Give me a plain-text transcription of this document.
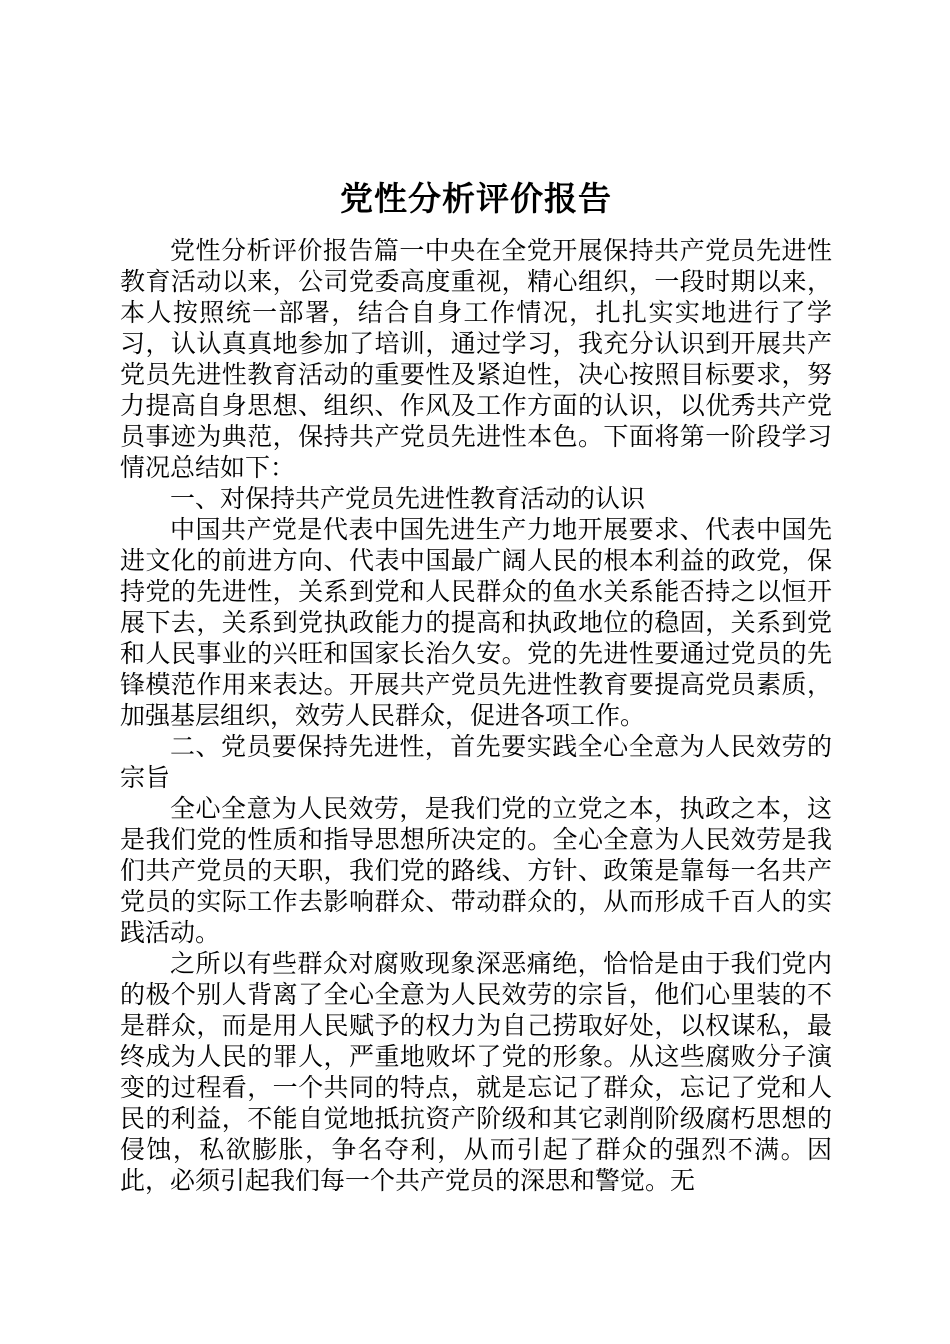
党性分析评价报告

党性分析评价报告篇一中央在全党开展保持共产党员先进性教育活动以来，公司党委高度重视，精心组织，一段时期以来，本人按照统一部署，结合自身工作情况，扎扎实实地进行了学习，认认真真地参加了培训，通过学习，我充分认识到开展共产党员先进性教育活动的重要性及紧迫性，决心按照目标要求，努力提高自身思想、组织、作风及工作方面的认识，以优秀共产党员事迹为典范，保持共产党员先进性本色。下面将第一阶段学习情况总结如下：

一、对保持共产党员先进性教育活动的认识

中国共产党是代表中国先进生产力地开展要求、代表中国先进文化的前进方向、代表中国最广阔人民的根本利益的政党，保持党的先进性，关系到党和人民群众的鱼水关系能否持之以恒开展下去，关系到党执政能力的提高和执政地位的稳固，关系到党和人民事业的兴旺和国家长治久安。党的先进性要通过党员的先锋模范作用来表达。开展共产党员先进性教育要提高党员素质，加强基层组织，效劳人民群众，促进各项工作。

二、党员要保持先进性，首先要实践全心全意为人民效劳的宗旨

全心全意为人民效劳，是我们党的立党之本，执政之本，这是我们党的性质和指导思想所决定的。全心全意为人民效劳是我们共产党员的天职，我们党的路线、方针、政策是靠每一名共产党员的实际工作去影响群众、带动群众的，从而形成千百人的实践活动。

之所以有些群众对腐败现象深恶痛绝，恰恰是由于我们党内的极个别人背离了全心全意为人民效劳的宗旨，他们心里装的不是群众，而是用人民赋予的权力为自己捞取好处，以权谋私，最终成为人民的罪人，严重地败坏了党的形象。从这些腐败分子演变的过程看，一个共同的特点，就是忘记了群众，忘记了党和人民的利益，不能自觉地抵抗资产阶级和其它剥削阶级腐朽思想的侵蚀，私欲膨胀，争名夺利，从而引起了群众的强烈不满。因此，必须引起我们每一个共产党员的深思和警觉。无
